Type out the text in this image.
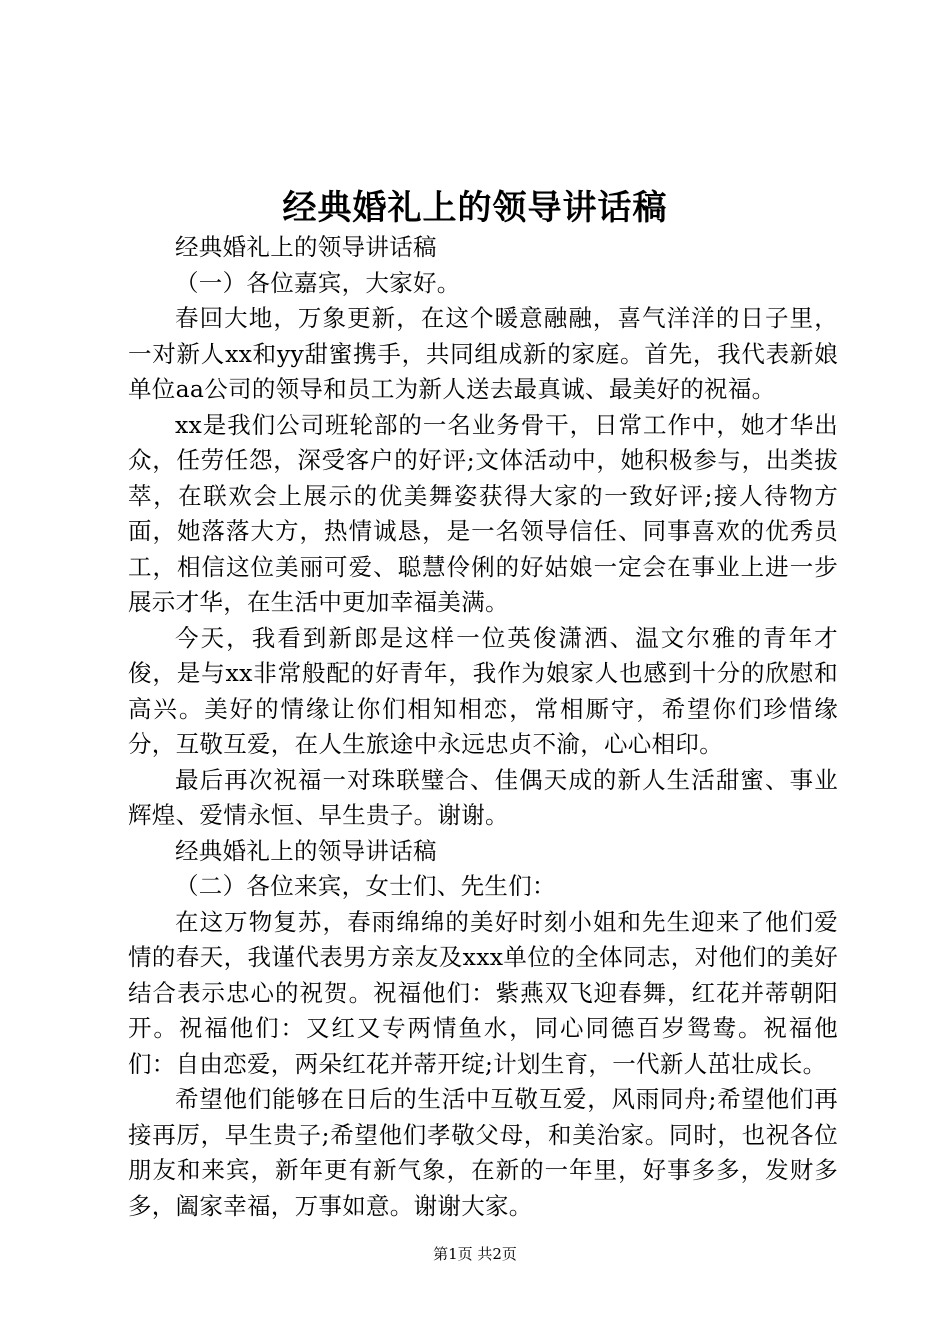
经典婚礼上的领导讲话稿

经典婚礼上的领导讲话稿

（一）各位嘉宾，大家好。

春回大地，万象更新，在这个暖意融融，喜气洋洋的日子里，一对新人xx和yy甜蜜携手，共同组成新的家庭。首先，我代表新娘单位aa公司的领导和员工为新人送去最真诚、最美好的祝福。

xx是我们公司班轮部的一名业务骨干，日常工作中，她才华出众，任劳任怨，深受客户的好评;文体活动中，她积极参与，出类拔萃，在联欢会上展示的优美舞姿获得大家的一致好评;接人待物方面，她落落大方，热情诚恳，是一名领导信任、同事喜欢的优秀员工，相信这位美丽可爱、聪慧伶俐的好姑娘一定会在事业上进一步展示才华，在生活中更加幸福美满。

今天，我看到新郎是这样一位英俊潇洒、温文尔雅的青年才俊，是与xx非常般配的好青年，我作为娘家人也感到十分的欣慰和高兴。美好的情缘让你们相知相恋，常相厮守，希望你们珍惜缘分，互敬互爱，在人生旅途中永远忠贞不渝，心心相印。

最后再次祝福一对珠联璧合、佳偶天成的新人生活甜蜜、事业辉煌、爱情永恒、早生贵子。谢谢。

经典婚礼上的领导讲话稿

（二）各位来宾，女士们、先生们：

在这万物复苏，春雨绵绵的美好时刻小姐和先生迎来了他们爱情的春天，我谨代表男方亲友及xxx单位的全体同志，对他们的美好结合表示忠心的祝贺。祝福他们：紫燕双飞迎春舞，红花并蒂朝阳开。祝福他们：又红又专两情鱼水，同心同德百岁鸳鸯。祝福他们：自由恋爱，两朵红花并蒂开绽;计划生育，一代新人茁壮成长。

希望他们能够在日后的生活中互敬互爱，风雨同舟;希望他们再接再厉，早生贵子;希望他们孝敬父母，和美治家。同时，也祝各位朋友和来宾，新年更有新气象，在新的一年里，好事多多，发财多多，阖家幸福，万事如意。谢谢大家。

第1页 共2页
